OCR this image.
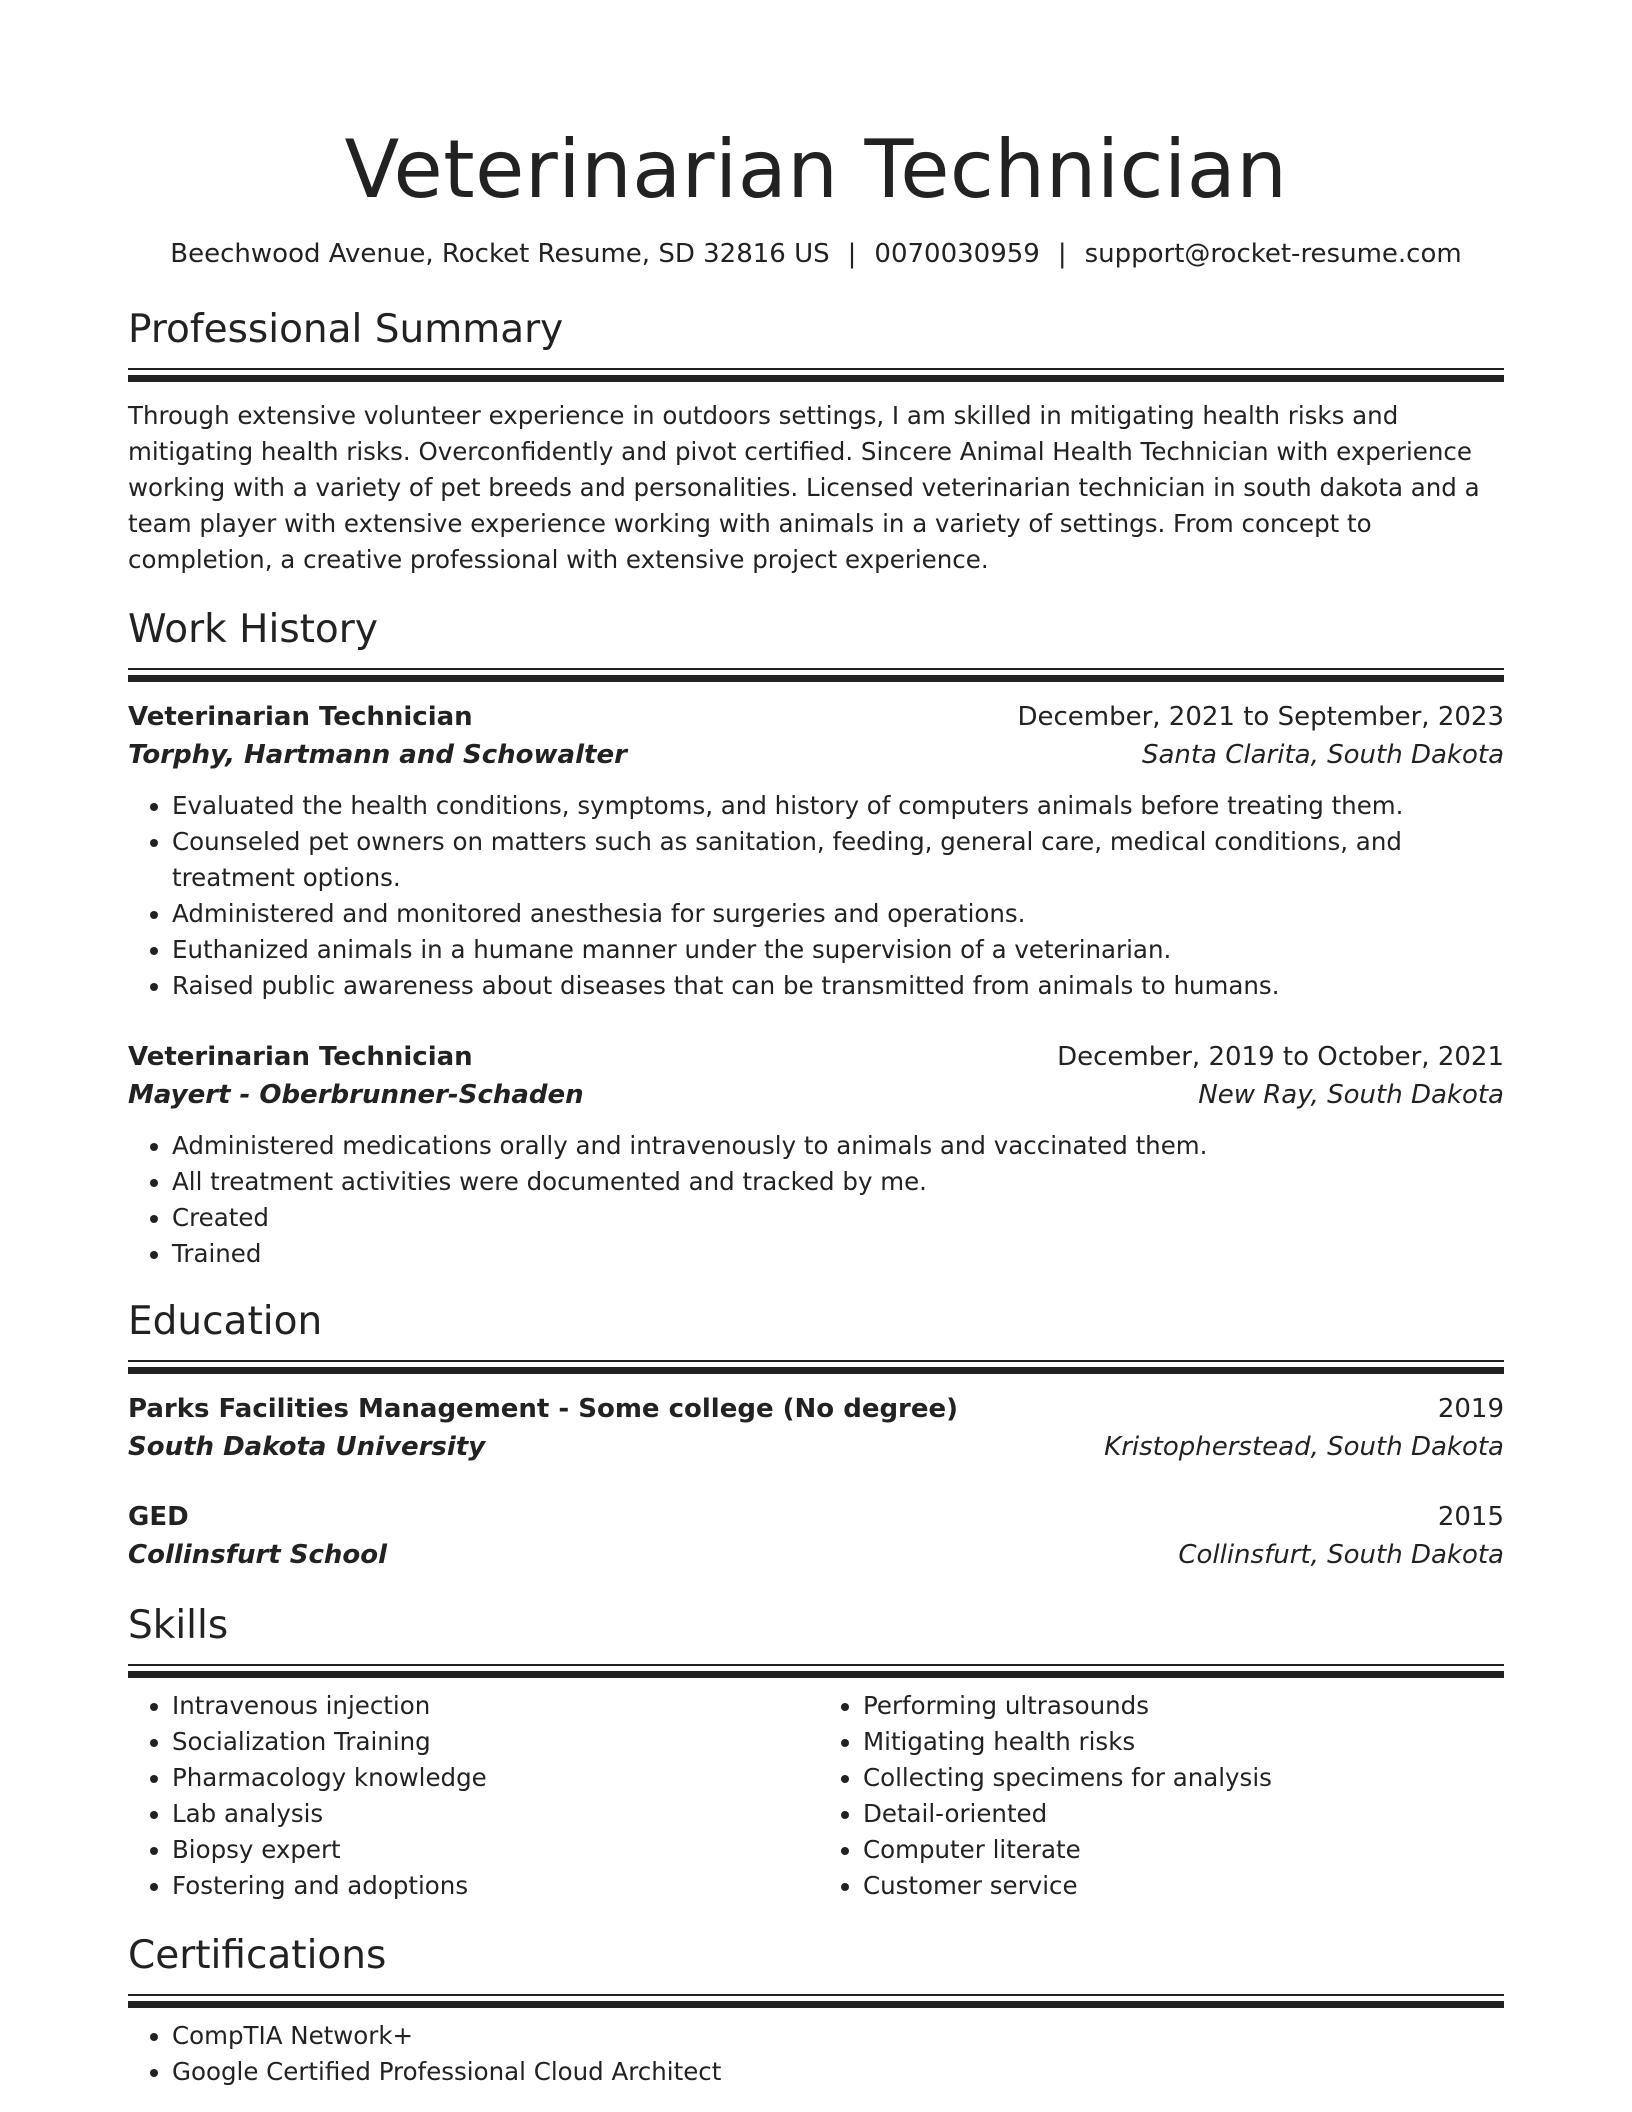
Veterinarian Technician
Beechwood Avenue, Rocket Resume, SD 32816 US | 0070030959 | support@rocket-resume.com
Professional Summary
Through extensive volunteer experience in outdoors settings, I am skilled in mitigating health risks and mitigating health risks. Overconfidently and pivot certified. Sincere Animal Health Technician with experience working with a variety of pet breeds and personalities. Licensed veterinarian technician in south dakota and a team player with extensive experience working with animals in a variety of settings. From concept to completion, a creative professional with extensive project experience.
Work History
Veterinarian Technician	December, 2021 to September, 2023
Torphy, Hartmann and Schowalter	Santa Clarita, South Dakota
• Evaluated the health conditions, symptoms, and history of computers animals before treating them.
• Counseled pet owners on matters such as sanitation, feeding, general care, medical conditions, and treatment options.
• Administered and monitored anesthesia for surgeries and operations.
• Euthanized animals in a humane manner under the supervision of a veterinarian.
• Raised public awareness about diseases that can be transmitted from animals to humans.
Veterinarian Technician	December, 2019 to October, 2021
Mayert - Oberbrunner-Schaden	New Ray, South Dakota
• Administered medications orally and intravenously to animals and vaccinated them.
• All treatment activities were documented and tracked by me.
• Created
• Trained
Education
Parks Facilities Management - Some college (No degree)	2019
South Dakota University	Kristopherstead, South Dakota
GED	2015
Collinsfurt School	Collinsfurt, South Dakota
Skills
• Intravenous injection
• Socialization Training
• Pharmacology knowledge
• Lab analysis
• Biopsy expert
• Fostering and adoptions
• Performing ultrasounds
• Mitigating health risks
• Collecting specimens for analysis
• Detail-oriented
• Computer literate
• Customer service
Certifications
• CompTIA Network+
• Google Certified Professional Cloud Architect
